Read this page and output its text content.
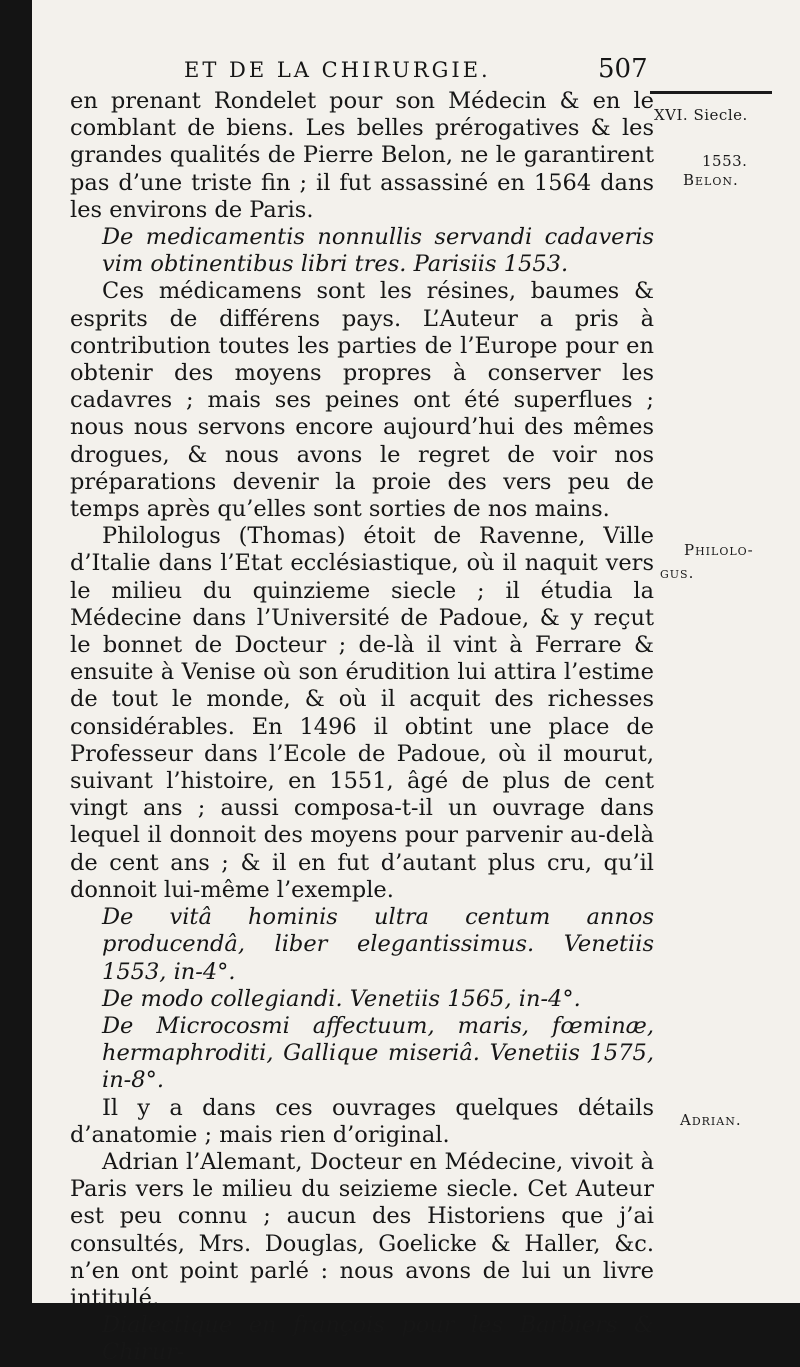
ET DE LA CHIRURGIE.	507
XVI. Siecle.
1553.
Belon.
Philolo-
gus.
Adrian.

en prenant Rondelet pour son Médecin & en le comblant de biens. Les belles prérogatives & les grandes qualités de Pierre Belon, ne le garantirent pas d’une triste fin ; il fut assassiné en 1564 dans les environs de Paris.

De medicamentis nonnullis servandi cadaveris vim obtinentibus libri tres. Parisiis 1553.

Ces médicamens sont les résines, baumes & esprits de différens pays. L’Auteur a pris à contribution toutes les parties de l’Europe pour en obtenir des moyens propres à conserver les cadavres ; mais ses peines ont été superflues ; nous nous servons encore aujourd’hui des mêmes drogues, & nous avons le regret de voir nos préparations devenir la proie des vers peu de temps après qu’elles sont sorties de nos mains.

Philologus (Thomas) étoit de Ravenne, Ville d’Italie dans l’Etat ecclésiastique, où il naquit vers le milieu du quinzieme siecle ; il étudia la Médecine dans l’Université de Padoue, & y reçut le bonnet de Docteur ; de-là il vint à Ferrare & ensuite à Venise où son érudition lui attira l’estime de tout le monde, & où il acquit des richesses considérables. En 1496 il obtint une place de Professeur dans l’Ecole de Padoue, où il mourut, suivant l’histoire, en 1551, âgé de plus de cent vingt ans ; aussi composa-t-il un ouvrage dans lequel il donnoit des moyens pour parvenir au-delà de cent ans ; & il en fut d’autant plus cru, qu’il donnoit lui-même l’exemple.

De vitâ hominis ultra centum annos producendâ, liber elegantissimus. Venetiis 1553, in-4°.

De modo collegiandi. Venetiis 1565, in-4°.

De Microcosmi affectuum, maris, fœminæ, hermaphroditi, Gallique miseriâ. Venetiis 1575, in-8°.

Il y a dans ces ouvrages quelques détails d’anatomie ; mais rien d’original.

Adrian l’Alemant, Docteur en Médecine, vivoit à Paris vers le milieu du seizieme siecle. Cet Auteur est peu connu ; aucun des Historiens que j’ai consultés, Mrs. Douglas, Goelicke & Haller, &c. n’en ont point parlé : nous avons de lui un livre intitulé,

Dialectique en françois pour les Barbiers & Chirur-
